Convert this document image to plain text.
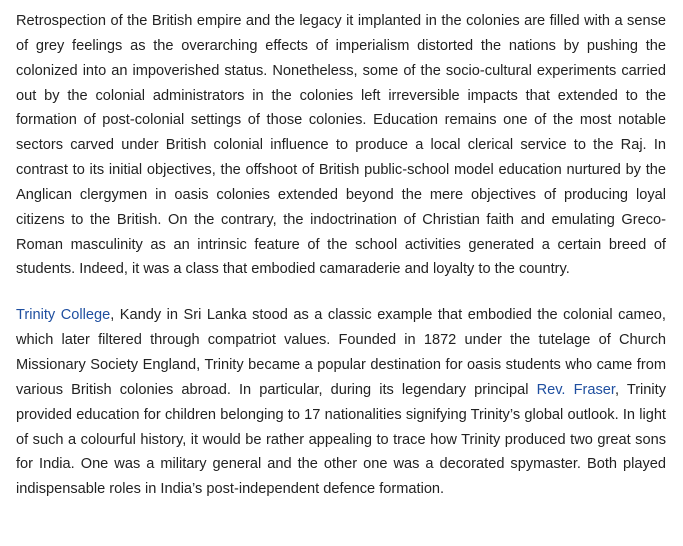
Retrospection of the British empire and the legacy it implanted in the colonies are filled with a sense of grey feelings as the overarching effects of imperialism distorted the nations by pushing the colonized into an impoverished status. Nonetheless, some of the socio-cultural experiments carried out by the colonial administrators in the colonies left irreversible impacts that extended to the formation of post-colonial settings of those colonies. Education remains one of the most notable sectors carved under British colonial influence to produce a local clerical service to the Raj. In contrast to its initial objectives, the offshoot of British public-school model education nurtured by the Anglican clergymen in oasis colonies extended beyond the mere objectives of producing loyal citizens to the British. On the contrary, the indoctrination of Christian faith and emulating Greco-Roman masculinity as an intrinsic feature of the school activities generated a certain breed of students. Indeed, it was a class that embodied camaraderie and loyalty to the country.

Trinity College, Kandy in Sri Lanka stood as a classic example that embodied the colonial cameo, which later filtered through compatriot values. Founded in 1872 under the tutelage of Church Missionary Society England, Trinity became a popular destination for oasis students who came from various British colonies abroad. In particular, during its legendary principal Rev. Fraser, Trinity provided education for children belonging to 17 nationalities signifying Trinity’s global outlook. In light of such a colourful history, it would be rather appealing to trace how Trinity produced two great sons for India. One was a military general and the other one was a decorated spymaster. Both played indispensable roles in India’s post-independent defence formation.
